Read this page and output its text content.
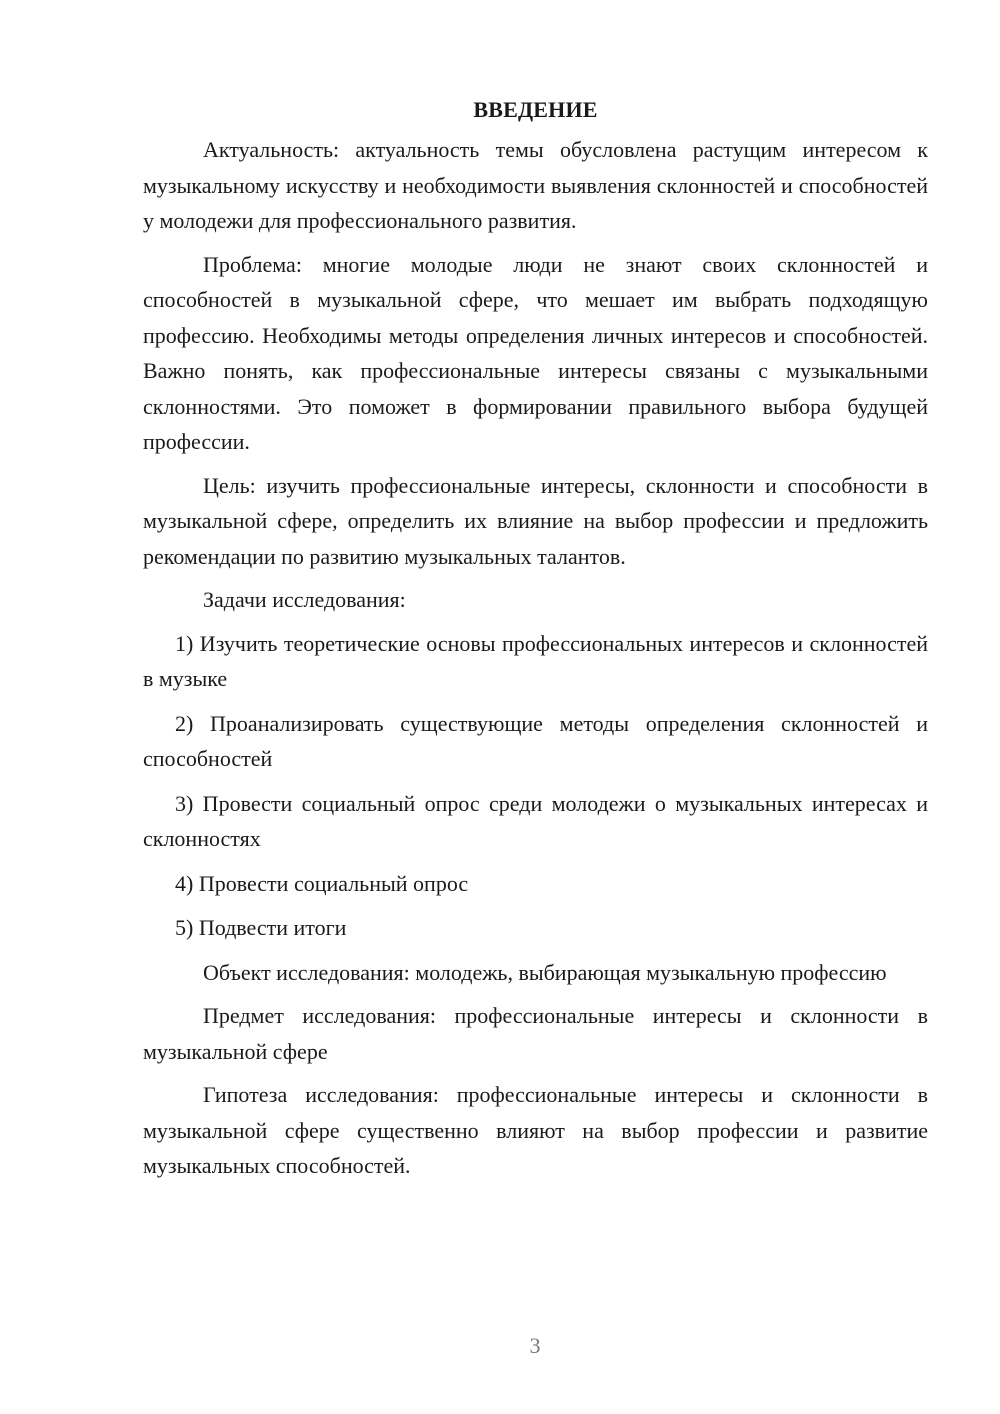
ВВЕДЕНИЕ

Актуальность: актуальность темы обусловлена растущим интересом к музыкальному искусству и необходимости выявления склонностей и способностей у молодежи для профессионального развития.

Проблема: многие молодые люди не знают своих склонностей и способностей в музыкальной сфере, что мешает им выбрать подходящую профессию. Необходимы методы определения личных интересов и способностей. Важно понять, как профессиональные интересы связаны с музыкальными склонностями. Это поможет в формировании правильного выбора будущей профессии.

Цель: изучить профессиональные интересы, склонности и способности в музыкальной сфере, определить их влияние на выбор профессии и предложить рекомендации по развитию музыкальных талантов.

Задачи исследования:

1) Изучить теоретические основы профессиональных интересов и склонностей в музыке

2) Проанализировать существующие методы определения склонностей и способностей

3) Провести социальный опрос среди молодежи о музыкальных интересах и склонностях

4) Провести социальный опрос

5) Подвести итоги

Объект исследования: молодежь, выбирающая музыкальную профессию

Предмет исследования: профессиональные интересы и склонности в музыкальной сфере

Гипотеза исследования: профессиональные интересы и склонности в музыкальной сфере существенно влияют на выбор профессии и развитие музыкальных способностей.

3
